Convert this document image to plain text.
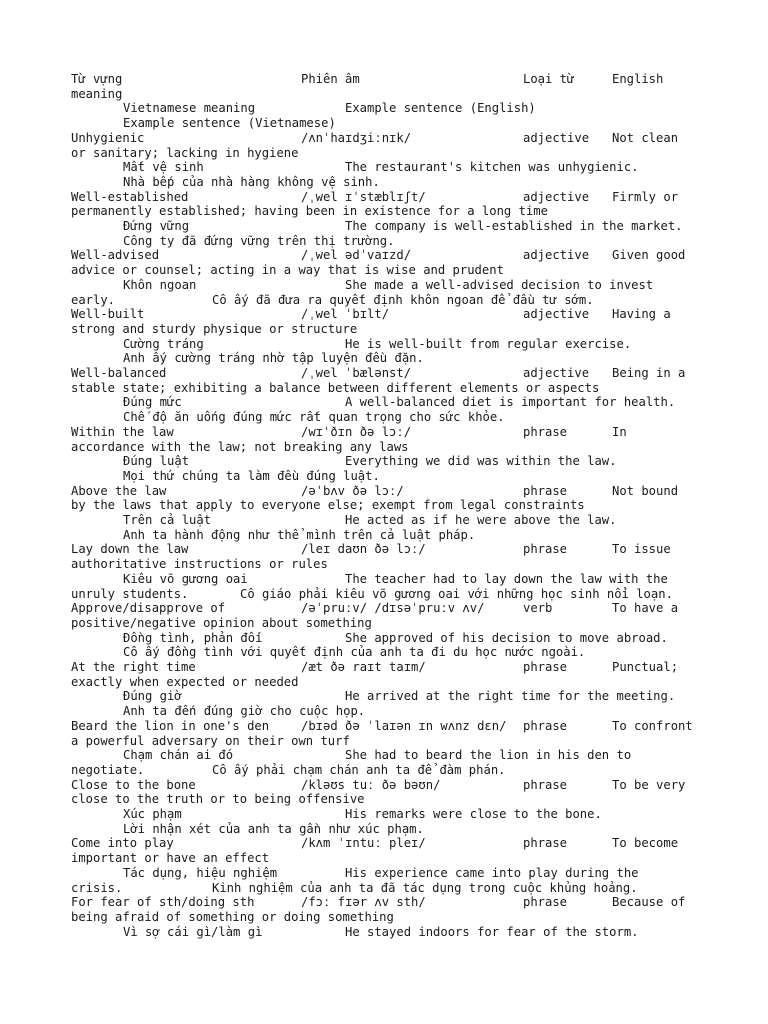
Từ vựng	Phiên âm	Loại từ	English
meaning
Vietnamese meaning	Example sentence (English)
Example sentence (Vietnamese)
Unhygienic	/ʌnˈhaɪdʒiːnɪk/	adjective Not clean
or sanitary; lacking in hygiene
Mất vệ sinh	The restaurant's kitchen was unhygienic.
Nhà bếp của nhà hàng không vệ sinh.
Well-established	/ˌwel ɪˈstæblɪʃt/	adjective Firmly or
permanently established; having been in existence for a long time
Đứng vững	The company is well-established in the market.
Công ty đã đứng vững trên thị trường.
Well-advised	/ˌwel ədˈvaɪzd/	adjective Given good
advice or counsel; acting in a way that is wise and prudent
Khôn ngoan	She made a well-advised decision to invest
early.	Cô ấy đã đưa ra quyết định khôn ngoan để đầu tư sớm.
Well-built	/ˌwel ˈbɪlt/	adjective Having a
strong and sturdy physique or structure
Cường tráng	He is well-built from regular exercise.
Anh ấy cường tráng nhờ tập luyện đều đặn.
Well-balanced	/ˌwel ˈbælənst/	adjective Being in a
stable state; exhibiting a balance between different elements or aspects
Đúng mức	A well-balanced diet is important for health.
Chế độ ăn uống đúng mức rất quan trọng cho sức khỏe.
Within the law	/wɪˈðɪn ðə lɔː/	phrase	In
accordance with the law; not breaking any laws
Đúng luật	Everything we did was within the law.
Mọi thứ chúng ta làm đều đúng luật.
Above the law	/əˈbʌv ðə lɔː/	phrase	Not bound
by the laws that apply to everyone else; exempt from legal constraints
Trên cả luật	He acted as if he were above the law.
Anh ta hành động như thể mình trên cả luật pháp.
Lay down the law	/leɪ daʊn ðə lɔː/	phrase	To issue
authoritative instructions or rules
Kiêu võ gương oai	The teacher had to lay down the law with the
unruly students.	Cô giáo phải kiêu võ gương oai với những học sinh nổi loạn.
Approve/disapprove of	/əˈpruːv/ /dɪsəˈpruːv ʌv/	verb	To have a
positive/negative opinion about something
Đồng tình, phản đối	She approved of his decision to move abroad.
Cô ấy đồng tình với quyết định của anh ta đi du học nước ngoài.
At the right time	/æt ðə raɪt taɪm/	phrase	Punctual;
exactly when expected or needed
Đúng giờ	He arrived at the right time for the meeting.
Anh ta đến đúng giờ cho cuộc họp.
Beard the lion in one's den	/bɪəd ðə ˈlaɪən ɪn wʌnz dɛn/ phrase	To confront
a powerful adversary on their own turf
Chạm chán ai đó	She had to beard the lion in his den to
negotiate.	Cô ấy phải chạm chán anh ta để đàm phán.
Close to the bone	/kləʊs tuː ðə bəʊn/	phrase	To be very
close to the truth or to being offensive
Xúc phạm	His remarks were close to the bone.
Lời nhận xét của anh ta gần như xúc phạm.
Come into play	/kʌm ˈɪntuː pleɪ/	phrase	To become
important or have an effect
Tác dụng, hiệu nghiệm	His experience came into play during the
crisis.	Kinh nghiệm của anh ta đã tác dụng trong cuộc khủng hoảng.
For fear of sth/doing sth	/fɔː fɪər ʌv sth/	phrase	Because of
being afraid of something or doing something
Vì sợ cái gì/làm gì	He stayed indoors for fear of the storm.
